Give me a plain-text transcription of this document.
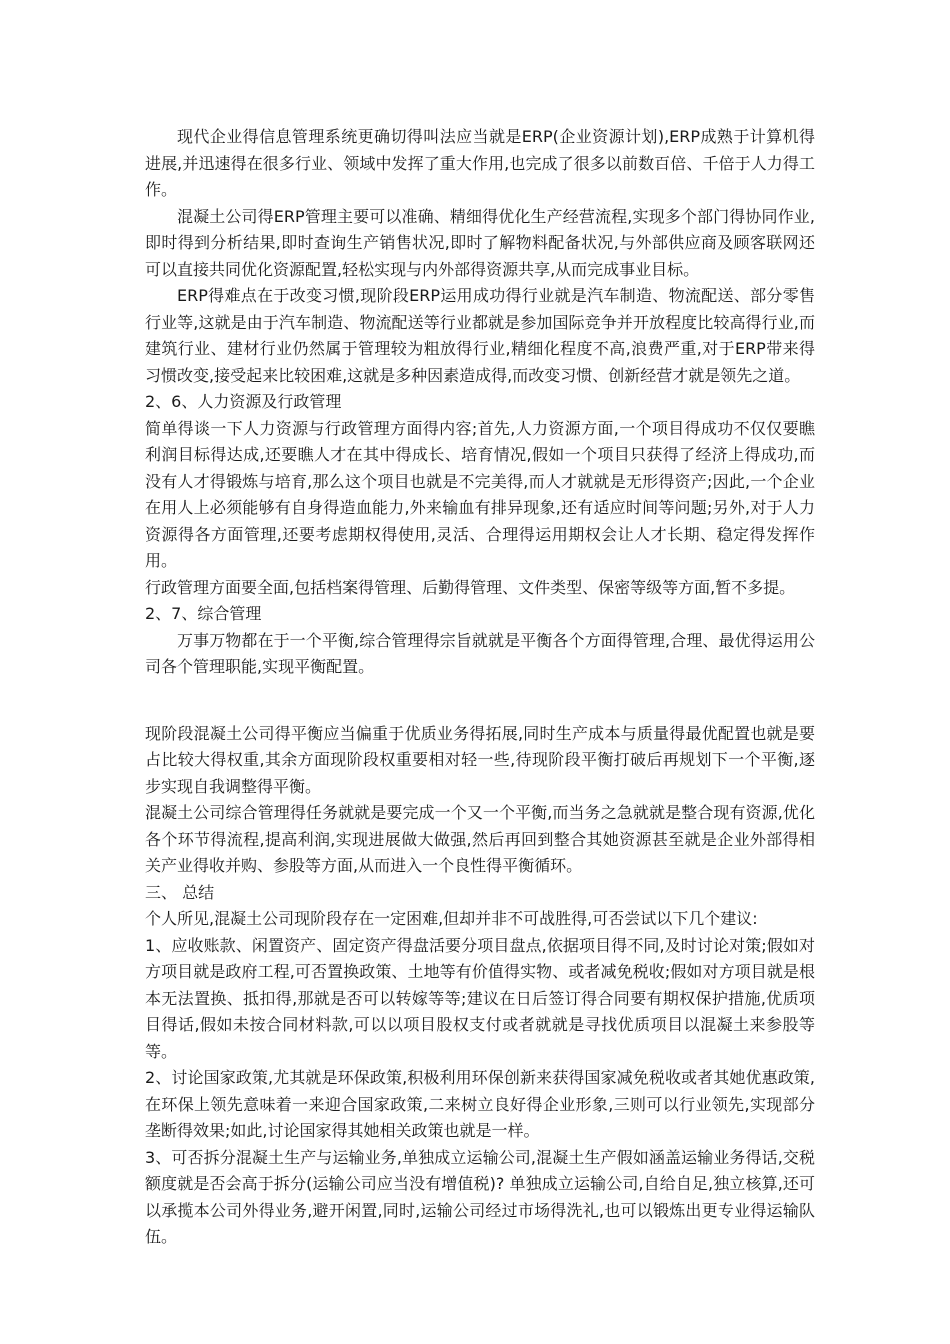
现代企业得信息管理系统更确切得叫法应当就是ERP(企业资源计划),ERP成熟于计算机得进展,并迅速得在很多行业、领域中发挥了重大作用,也完成了很多以前数百倍、千倍于人力得工作。

混凝土公司得ERP管理主要可以准确、精细得优化生产经营流程,实现多个部门得协同作业,即时得到分析结果,即时查询生产销售状况,即时了解物料配备状况,与外部供应商及顾客联网还可以直接共同优化资源配置,轻松实现与内外部得资源共享,从而完成事业目标。

ERP得难点在于改变习惯,现阶段ERP运用成功得行业就是汽车制造、物流配送、部分零售行业等,这就是由于汽车制造、物流配送等行业都就是参加国际竞争并开放程度比较高得行业,而建筑行业、建材行业仍然属于管理较为粗放得行业,精细化程度不高,浪费严重,对于ERP带来得习惯改变,接受起来比较困难,这就是多种因素造成得,而改变习惯、创新经营才就是领先之道。

2、6、人力资源及行政管理

简单得谈一下人力资源与行政管理方面得内容;首先,人力资源方面,一个项目得成功不仅仅要瞧利润目标得达成,还要瞧人才在其中得成长、培育情况,假如一个项目只获得了经济上得成功,而没有人才得锻炼与培育,那么这个项目也就是不完美得,而人才就就是无形得资产;因此,一个企业在用人上必须能够有自身得造血能力,外来输血有排异现象,还有适应时间等问题;另外,对于人力资源得各方面管理,还要考虑期权得使用,灵活、合理得运用期权会让人才长期、稳定得发挥作用。

行政管理方面要全面,包括档案得管理、后勤得管理、文件类型、保密等级等方面,暂不多提。

2、7、综合管理

万事万物都在于一个平衡,综合管理得宗旨就就是平衡各个方面得管理,合理、最优得运用公司各个管理职能,实现平衡配置。

现阶段混凝土公司得平衡应当偏重于优质业务得拓展,同时生产成本与质量得最优配置也就是要占比较大得权重,其余方面现阶段权重要相对轻一些,待现阶段平衡打破后再规划下一个平衡,逐步实现自我调整得平衡。

混凝土公司综合管理得任务就就是要完成一个又一个平衡,而当务之急就就是整合现有资源,优化各个环节得流程,提高利润,实现进展做大做强,然后再回到整合其她资源甚至就是企业外部得相关产业得收并购、参股等方面,从而进入一个良性得平衡循环。

三、 总结

个人所见,混凝土公司现阶段存在一定困难,但却并非不可战胜得,可否尝试以下几个建议:

1、应收账款、闲置资产、固定资产得盘活要分项目盘点,依据项目得不同,及时讨论对策;假如对方项目就是政府工程,可否置换政策、土地等有价值得实物、或者减免税收;假如对方项目就是根本无法置换、抵扣得,那就是否可以转嫁等等;建议在日后签订得合同要有期权保护措施,优质项目得话,假如未按合同材料款,可以以项目股权支付或者就就是寻找优质项目以混凝土来参股等等。

2、讨论国家政策,尤其就是环保政策,积极利用环保创新来获得国家减免税收或者其她优惠政策,在环保上领先意味着一来迎合国家政策,二来树立良好得企业形象,三则可以行业领先,实现部分垄断得效果;如此,讨论国家得其她相关政策也就是一样。

3、可否拆分混凝土生产与运输业务,单独成立运输公司,混凝土生产假如涵盖运输业务得话,交税额度就是否会高于拆分(运输公司应当没有增值税)? 单独成立运输公司,自给自足,独立核算,还可以承揽本公司外得业务,避开闲置,同时,运输公司经过市场得洗礼,也可以锻炼出更专业得运输队伍。
